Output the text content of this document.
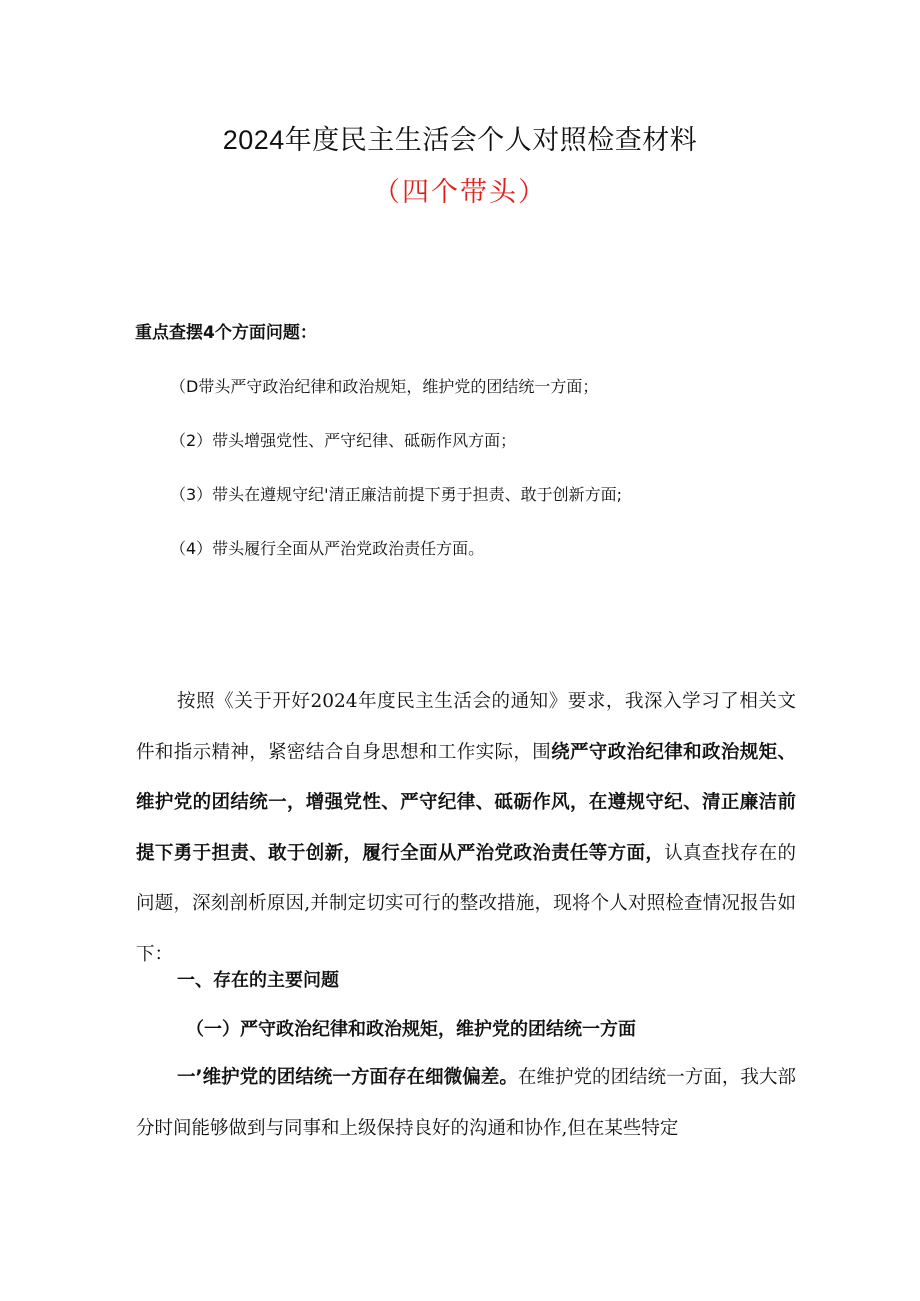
2024年度民主生活会个人对照检查材料
（四个带头）
重点查摆4个方面问题：
（D带头严守政治纪律和政治规矩，维护党的团结统一方面；
（2）带头增强党性、严守纪律、砥砺作风方面；
（3）带头在遵规守纪'清正廉洁前提下勇于担责、敢于创新方面;
（4）带头履行全面从严治党政治责任方面。

按照《关于开好2024年度民主生活会的通知》要求，我深入学习了相关文件和指示精神，紧密结合自身思想和工作实际，围绕严守政治纪律和政治规矩、维护党的团结统一，增强党性、严守纪律、砥砺作风，在遵规守纪、清正廉洁前提下勇于担责、敢于创新，履行全面从严治党政治责任等方面，认真查找存在的问题，深刻剖析原因,并制定切实可行的整改措施，现将个人对照检查情况报告如下：

一、存在的主要问题
（一）严守政治纪律和政治规矩，维护党的团结统一方面

一’维护党的团结统一方面存在细微偏差。在维护党的团结统一方面，我大部分时间能够做到与同事和上级保持良好的沟通和协作,但在某些特定
